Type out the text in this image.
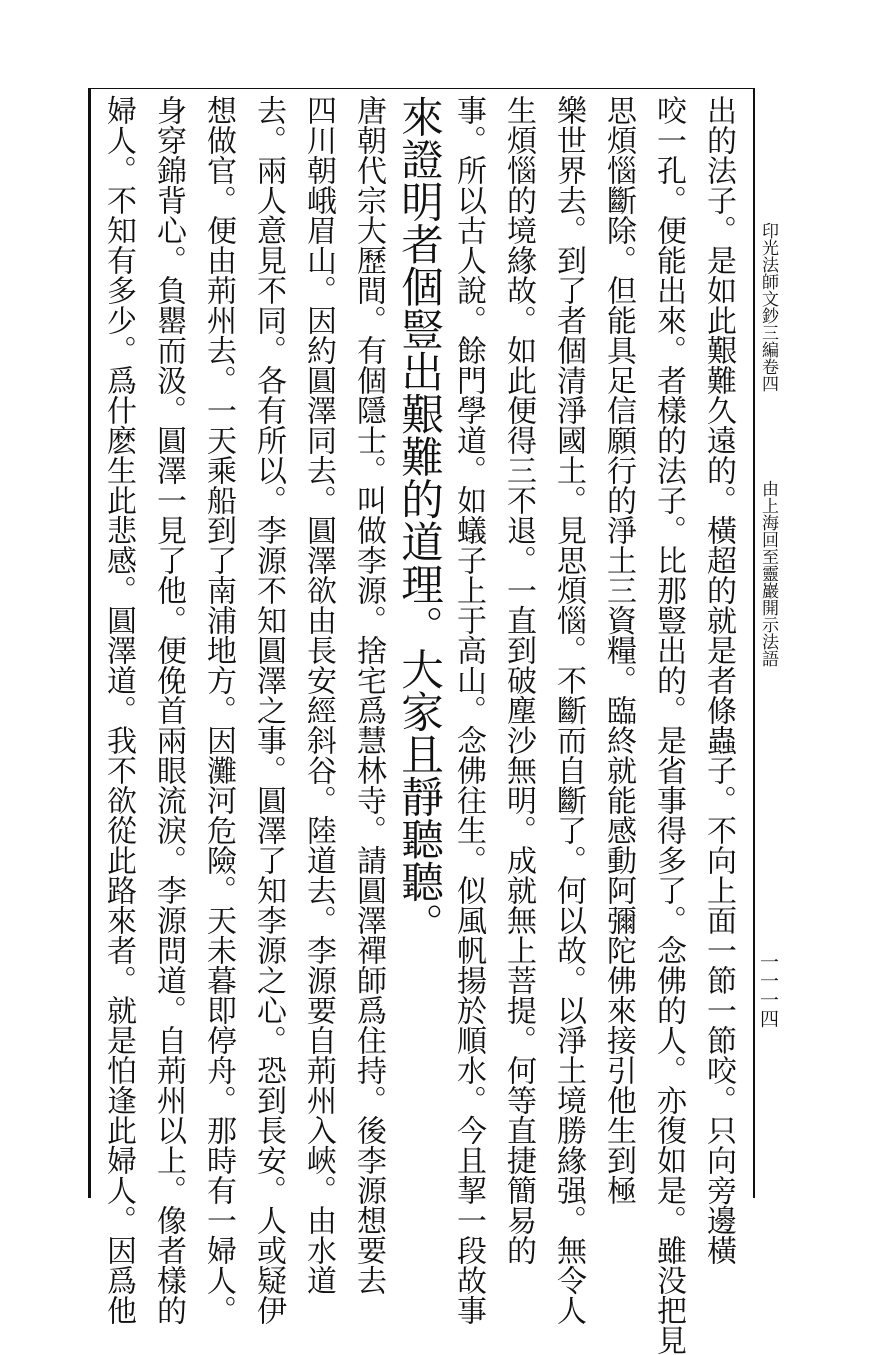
印光法師文鈔三編卷四
由上海回至靈巖開示法語
一一一四
出的法子。是如此艱難久遠的。橫超的就是者條蟲子。不向上面一節一節咬。只向旁邊橫
咬一孔。便能出來。者樣的法子。比那豎出的。是省事得多了。念佛的人。亦復如是。雖没把見
思煩惱斷除。但能具足信願行的淨土三資糧。臨終就能感動阿彌陀佛來接引他生到極
樂世界去。到了者個清淨國土。見思煩惱。不斷而自斷了。何以故。以淨土境勝緣强。無令人
生煩惱的境緣故。如此便得三不退。一直到破塵沙無明。成就無上菩提。何等直捷簡易的
事。所以古人說。餘門學道。如蟻子上于高山。念佛往生。似風帆揚於順水。今且挈一段故事
來證明者個豎出艱難的道理。大家且靜聽聽。
唐朝代宗大歷間。有個隱士。叫做李源。捨宅爲慧林寺。請圓澤禪師爲住持。後李源想要去
四川朝峨眉山。因約圓澤同去。圓澤欲由長安經斜谷。陸道去。李源要自荊州入峽。由水道
去。兩人意見不同。各有所以。李源不知圓澤之事。圓澤了知李源之心。恐到長安。人或疑伊
想做官。便由荊州去。一天乘船到了南浦地方。因灘河危險。天未暮即停舟。那時有一婦人。
身穿錦背心。負罌而汲。圓澤一見了他。便俛首兩眼流淚。李源問道。自荊州以上。像者樣的
婦人。不知有多少。爲什麽生此悲感。圓澤道。我不欲從此路來者。就是怕逢此婦人。因爲他
